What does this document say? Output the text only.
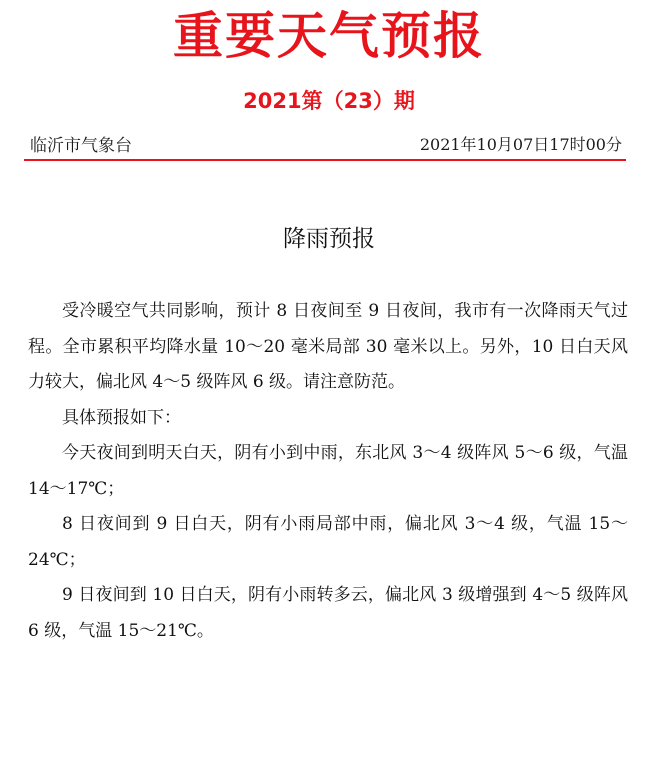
重要天气预报
2021第（23）期
临沂市气象台	2021年10月07日17时00分
降雨预报

受冷暖空气共同影响，预计 8 日夜间至 9 日夜间，我市有一次降雨天气过程。全市累积平均降水量 10～20 毫米局部 30 毫米以上。另外，10 日白天风力较大，偏北风 4～5 级阵风 6 级。请注意防范。

具体预报如下：

今天夜间到明天白天，阴有小到中雨，东北风 3～4 级阵风 5～6 级，气温 14～17℃；

8 日夜间到 9 日白天，阴有小雨局部中雨，偏北风 3～4 级，气温 15～24℃；

9 日夜间到 10 日白天，阴有小雨转多云，偏北风 3 级增强到 4～5 级阵风 6 级，气温 15～21℃。
